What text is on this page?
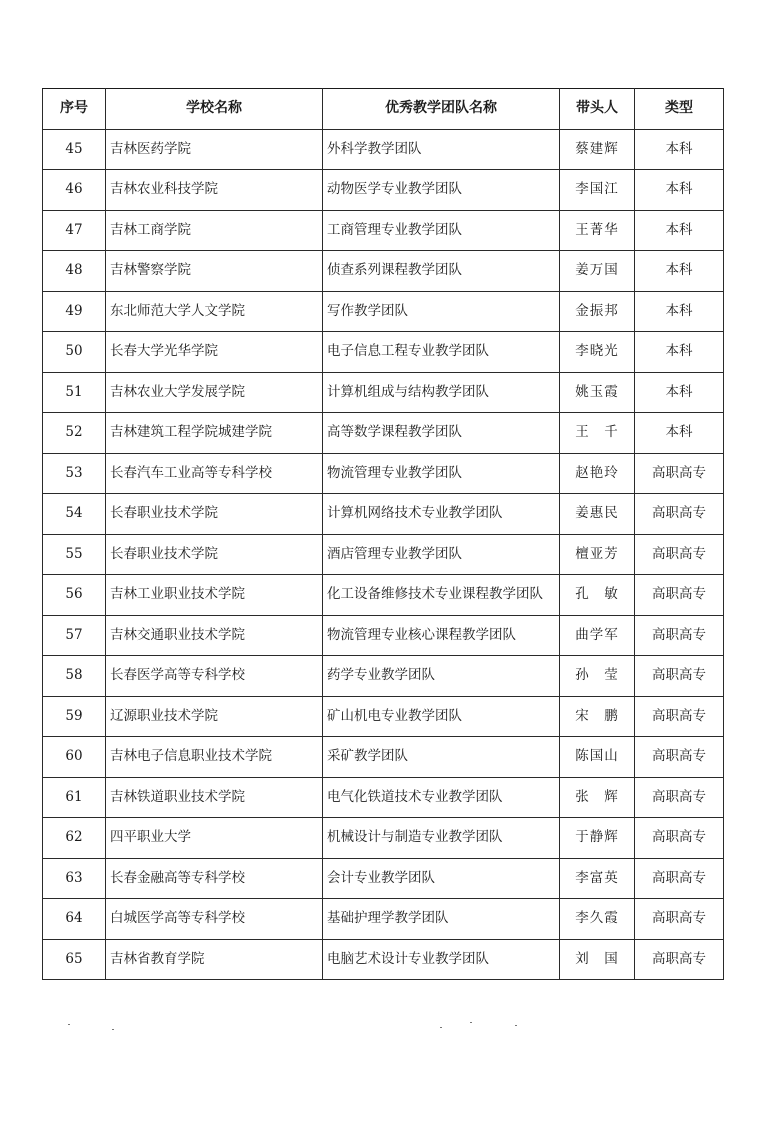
序号	学校名称	优秀教学团队名称	带头人	类型
45	吉林医药学院	外科学教学团队	蔡建辉	本科
46	吉林农业科技学院	动物医学专业教学团队	李国江	本科
47	吉林工商学院	工商管理专业教学团队	王菁华	本科
48	吉林警察学院	侦查系列课程教学团队	姜万国	本科
49	东北师范大学人文学院	写作教学团队	金振邦	本科
50	长春大学光华学院	电子信息工程专业教学团队	李晓光	本科
51	吉林农业大学发展学院	计算机组成与结构教学团队	姚玉霞	本科
52	吉林建筑工程学院城建学院	高等数学课程教学团队	王　千	本科
53	长春汽车工业高等专科学校	物流管理专业教学团队	赵艳玲	高职高专
54	长春职业技术学院	计算机网络技术专业教学团队	姜惠民	高职高专
55	长春职业技术学院	酒店管理专业教学团队	檀亚芳	高职高专
56	吉林工业职业技术学院	化工设备维修技术专业课程教学团队	孔　敏	高职高专
57	吉林交通职业技术学院	物流管理专业核心课程教学团队	曲学军	高职高专
58	长春医学高等专科学校	药学专业教学团队	孙　莹	高职高专
59	辽源职业技术学院	矿山机电专业教学团队	宋　鹏	高职高专
60	吉林电子信息职业技术学院	采矿教学团队	陈国山	高职高专
61	吉林铁道职业技术学院	电气化铁道技术专业教学团队	张　辉	高职高专
62	四平职业大学	机械设计与制造专业教学团队	于静辉	高职高专
63	长春金融高等专科学校	会计专业教学团队	李富英	高职高专
64	白城医学高等专科学校	基础护理学教学团队	李久霞	高职高专
65	吉林省教育学院	电脑艺术设计专业教学团队	刘　国	高职高专
